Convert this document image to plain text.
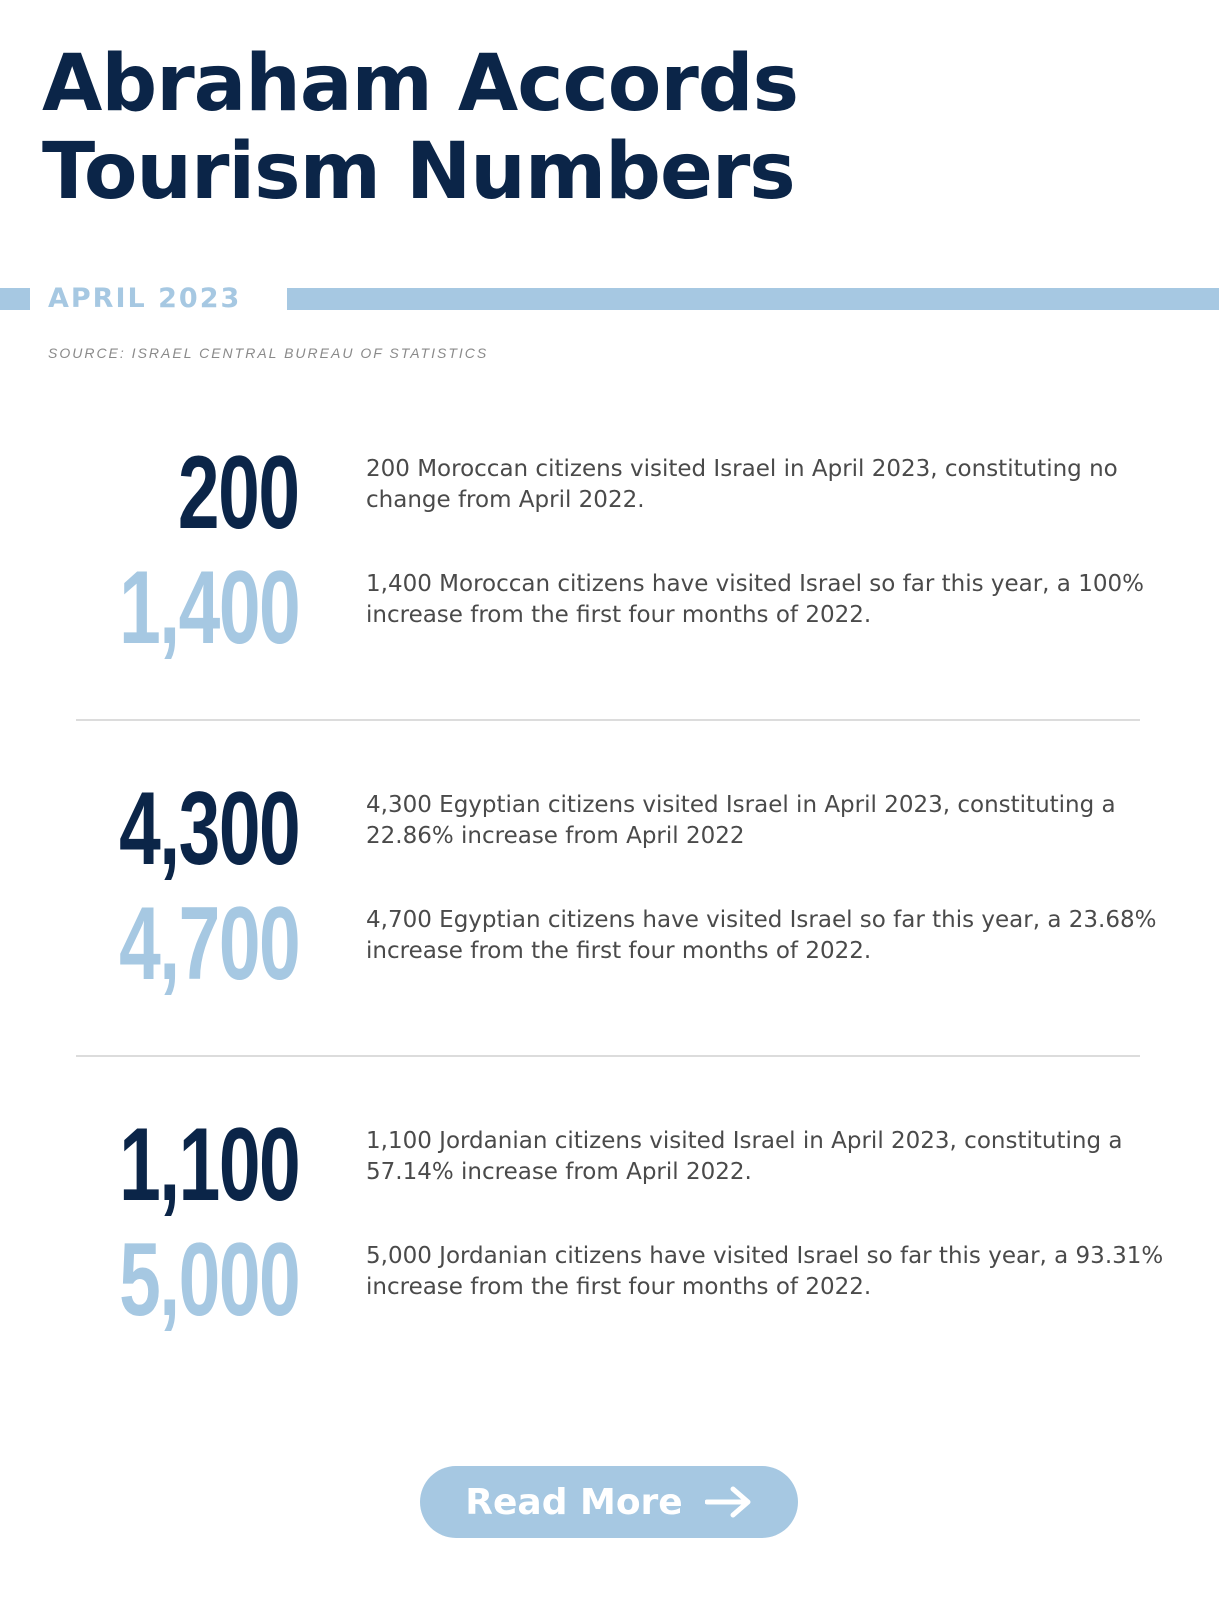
Abraham Accords
Tourism Numbers
APRIL 2023
SOURCE: ISRAEL CENTRAL BUREAU OF STATISTICS
200	200 Moroccan citizens visited Israel in April 2023, constituting no change from April 2022.
1,400	1,400 Moroccan citizens have visited Israel so far this year, a 100% increase from the first four months of 2022.
4,300	4,300 Egyptian citizens visited Israel in April 2023, constituting a 22.86% increase from April 2022
4,700	4,700 Egyptian citizens have visited Israel so far this year, a 23.68% increase from the first four months of 2022.
1,100	1,100 Jordanian citizens visited Israel in April 2023, constituting a 57.14% increase from April 2022.
5,000	5,000 Jordanian citizens have visited Israel so far this year, a 93.31% increase from the first four months of 2022.
Read More
